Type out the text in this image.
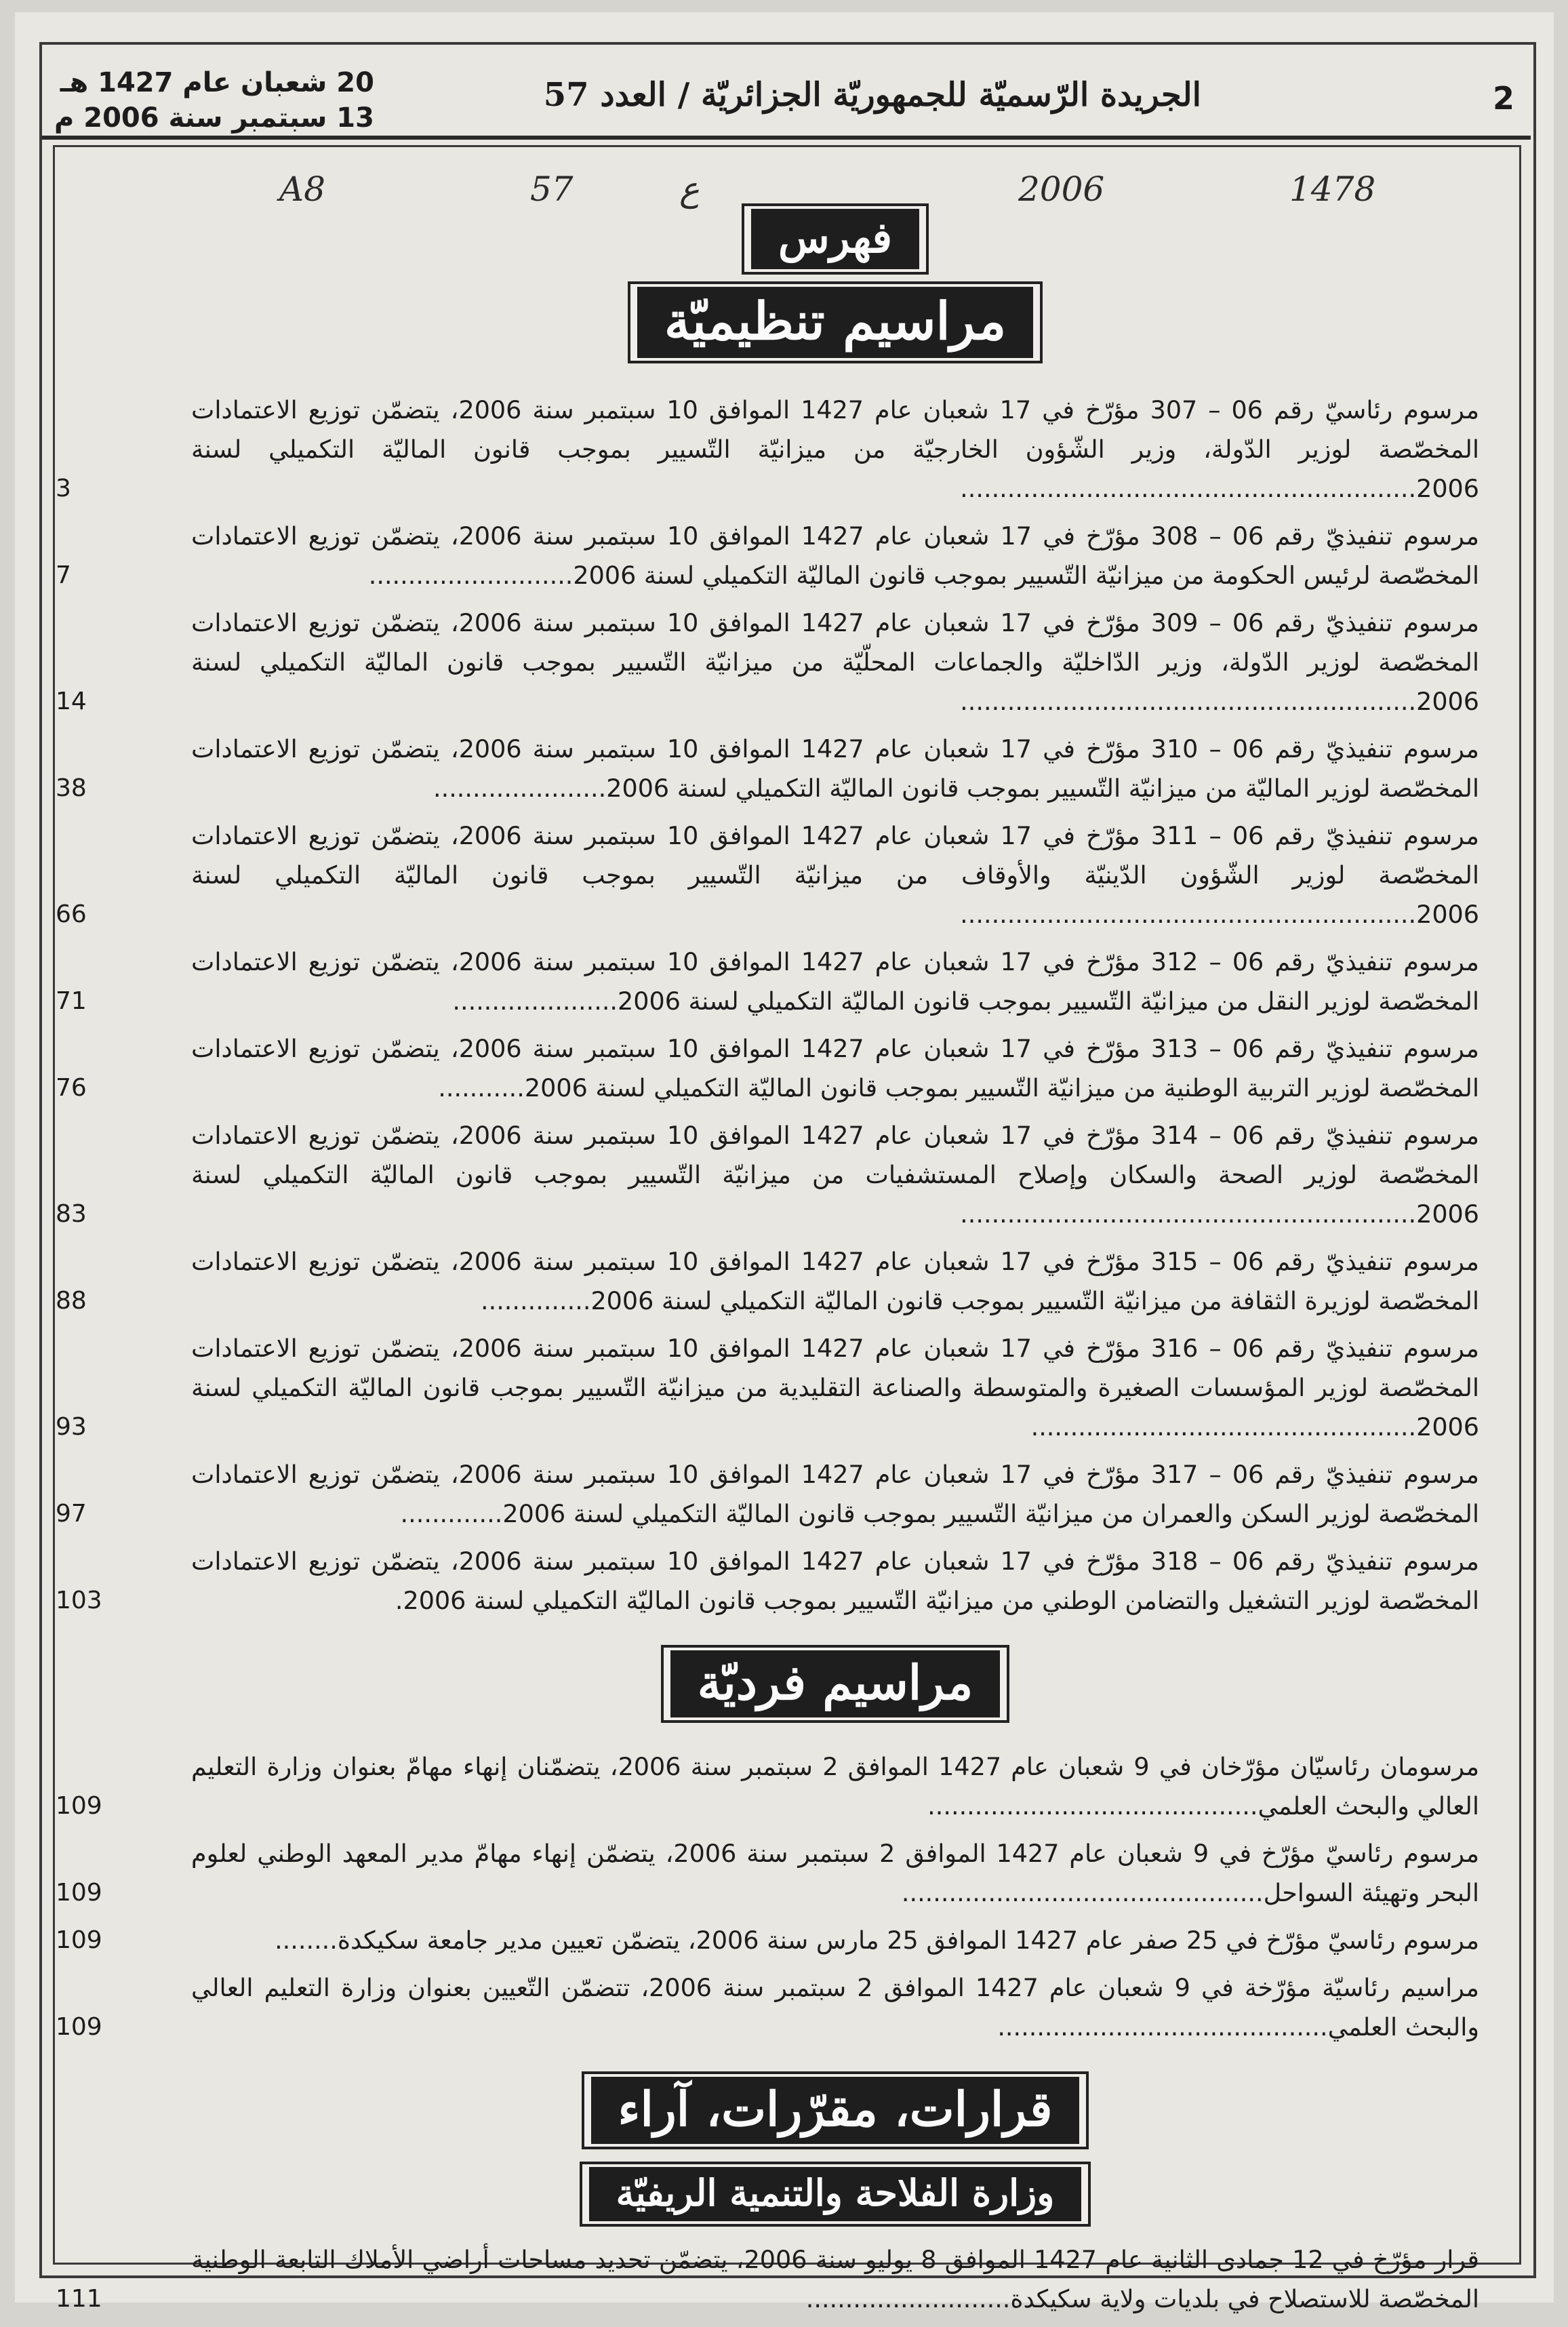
2
الجريدة الرّسميّة للجمهوريّة الجزائريّة / العدد 57
20 شعبان عام 1427 هـ
13 سبتمبر سنة 2006 م
A8	57	ع	2006	1478
فهرس
مراسيم تنظيميّة
مرسوم رئاسيّ رقم 06 – 307 مؤرّخ في 17 شعبان عام 1427 الموافق 10 سبتمبر سنة 2006، يتضمّن توزيع الاعتمادات المخصّصة لوزير الدّولة، وزير الشّؤون الخارجيّة من ميزانيّة التّسيير بموجب قانون الماليّة التكميلي لسنة 2006..........................................................
3
مرسوم تنفيذيّ رقم 06 – 308 مؤرّخ في 17 شعبان عام 1427 الموافق 10 سبتمبر سنة 2006، يتضمّن توزيع الاعتمادات المخصّصة لرئيس الحكومة من ميزانيّة التّسيير بموجب قانون الماليّة التكميلي لسنة 2006..........................
7
مرسوم تنفيذيّ رقم 06 – 309 مؤرّخ في 17 شعبان عام 1427 الموافق 10 سبتمبر سنة 2006، يتضمّن توزيع الاعتمادات المخصّصة لوزير الدّولة، وزير الدّاخليّة والجماعات المحلّيّة من ميزانيّة التّسيير بموجب قانون الماليّة التكميلي لسنة 2006..........................................................
14
مرسوم تنفيذيّ رقم 06 – 310 مؤرّخ في 17 شعبان عام 1427 الموافق 10 سبتمبر سنة 2006، يتضمّن توزيع الاعتمادات المخصّصة لوزير الماليّة من ميزانيّة التّسيير بموجب قانون الماليّة التكميلي لسنة 2006......................
38
مرسوم تنفيذيّ رقم 06 – 311 مؤرّخ في 17 شعبان عام 1427 الموافق 10 سبتمبر سنة 2006، يتضمّن توزيع الاعتمادات المخصّصة لوزير الشّؤون الدّينيّة والأوقاف من ميزانيّة التّسيير بموجب قانون الماليّة التكميلي لسنة 2006..........................................................
66
مرسوم تنفيذيّ رقم 06 – 312 مؤرّخ في 17 شعبان عام 1427 الموافق 10 سبتمبر سنة 2006، يتضمّن توزيع الاعتمادات المخصّصة لوزير النقل من ميزانيّة التّسيير بموجب قانون الماليّة التكميلي لسنة 2006.....................
71
مرسوم تنفيذيّ رقم 06 – 313 مؤرّخ في 17 شعبان عام 1427 الموافق 10 سبتمبر سنة 2006، يتضمّن توزيع الاعتمادات المخصّصة لوزير التربية الوطنية من ميزانيّة التّسيير بموجب قانون الماليّة التكميلي لسنة 2006...........
76
مرسوم تنفيذيّ رقم 06 – 314 مؤرّخ في 17 شعبان عام 1427 الموافق 10 سبتمبر سنة 2006، يتضمّن توزيع الاعتمادات المخصّصة لوزير الصحة والسكان وإصلاح المستشفيات من ميزانيّة التّسيير بموجب قانون الماليّة التكميلي لسنة 2006..........................................................
83
مرسوم تنفيذيّ رقم 06 – 315 مؤرّخ في 17 شعبان عام 1427 الموافق 10 سبتمبر سنة 2006، يتضمّن توزيع الاعتمادات المخصّصة لوزيرة الثقافة من ميزانيّة التّسيير بموجب قانون الماليّة التكميلي لسنة 2006..............
88
مرسوم تنفيذيّ رقم 06 – 316 مؤرّخ في 17 شعبان عام 1427 الموافق 10 سبتمبر سنة 2006، يتضمّن توزيع الاعتمادات المخصّصة لوزير المؤسسات الصغيرة والمتوسطة والصناعة التقليدية من ميزانيّة التّسيير بموجب قانون الماليّة التكميلي لسنة 2006.................................................
93
مرسوم تنفيذيّ رقم 06 – 317 مؤرّخ في 17 شعبان عام 1427 الموافق 10 سبتمبر سنة 2006، يتضمّن توزيع الاعتمادات المخصّصة لوزير السكن والعمران من ميزانيّة التّسيير بموجب قانون الماليّة التكميلي لسنة 2006.............
97
مرسوم تنفيذيّ رقم 06 – 318 مؤرّخ في 17 شعبان عام 1427 الموافق 10 سبتمبر سنة 2006، يتضمّن توزيع الاعتمادات المخصّصة لوزير التشغيل والتضامن الوطني من ميزانيّة التّسيير بموجب قانون الماليّة التكميلي لسنة 2006.
103
مراسيم فرديّة
مرسومان رئاسيّان مؤرّخان في 9 شعبان عام 1427 الموافق 2 سبتمبر سنة 2006، يتضمّنان إنهاء مهامّ بعنوان وزارة التعليم العالي والبحث العلمي..........................................
109
مرسوم رئاسيّ مؤرّخ في 9 شعبان عام 1427 الموافق 2 سبتمبر سنة 2006، يتضمّن إنهاء مهامّ مدير المعهد الوطني لعلوم البحر وتهيئة السواحل..............................................
109
مرسوم رئاسيّ مؤرّخ في 25 صفر عام 1427 الموافق 25 مارس سنة 2006، يتضمّن تعيين مدير جامعة سكيكدة........
109
مراسيم رئاسيّة مؤرّخة في 9 شعبان عام 1427 الموافق 2 سبتمبر سنة 2006، تتضمّن التّعيين بعنوان وزارة التعليم العالي والبحث العلمي..........................................
109
قرارات، مقرّرات، آراء
وزارة الفلاحة والتنمية الريفيّة
قرار مؤرّخ في 12 جمادى الثانية عام 1427 الموافق 8 يوليو سنة 2006، يتضمّن تحديد مساحات أراضي الأملاك التابعة الوطنية المخصّصة للاستصلاح في بلديات ولاية سكيكدة..........................
111
